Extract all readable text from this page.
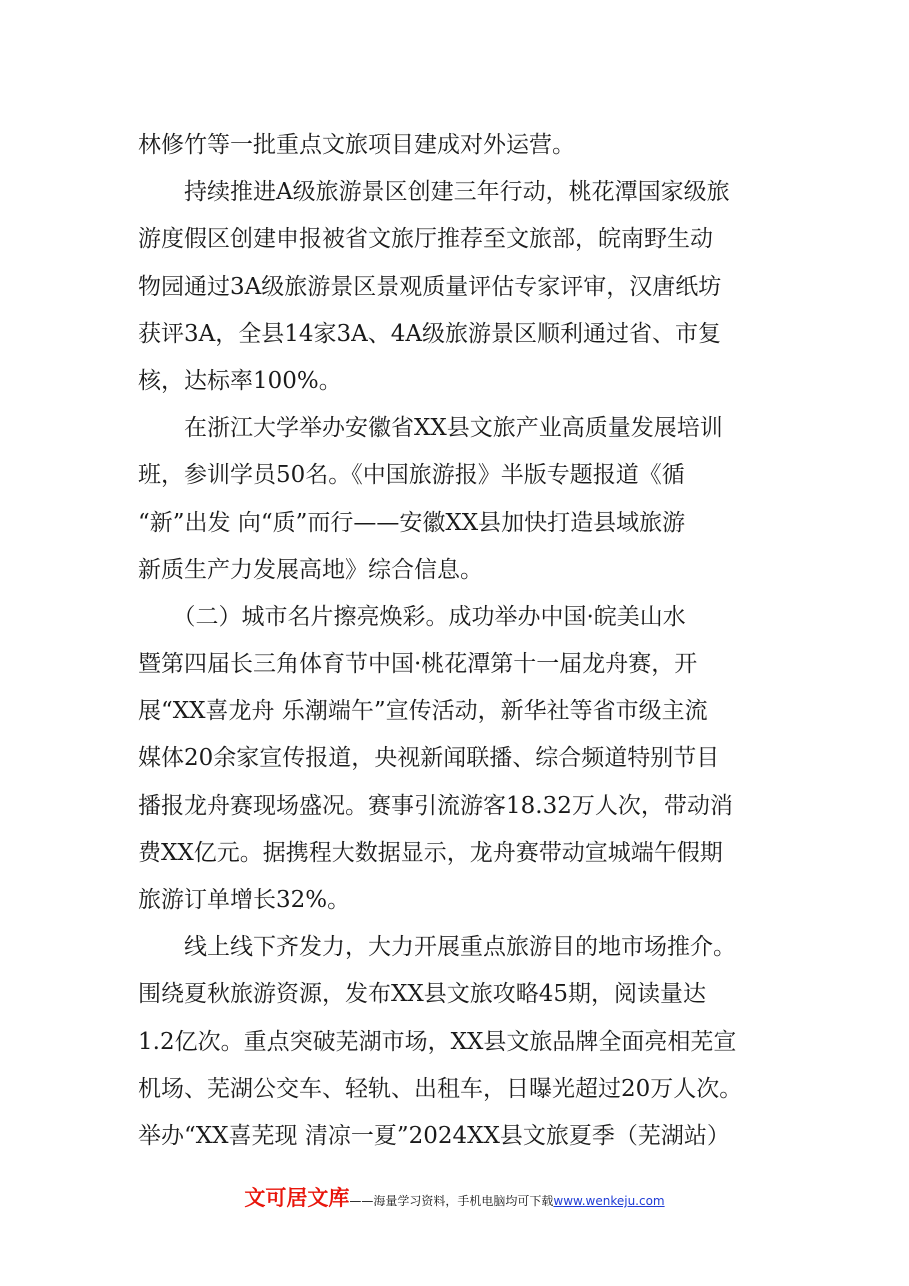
林修竹等一批重点文旅项目建成对外运营。
　　持续推进A级旅游景区创建三年行动，桃花潭国家级旅
游度假区创建申报被省文旅厅推荐至文旅部，皖南野生动
物园通过3A级旅游景区景观质量评估专家评审，汉唐纸坊
获评3A，全县14家3A、4A级旅游景区顺利通过省、市复
核，达标率100%。
　　在浙江大学举办安徽省XX县文旅产业高质量发展培训
班，参训学员50名。《中国旅游报》半版专题报道《循
“新”出发 向“质”而行——安徽XX县加快打造县域旅游
新质生产力发展高地》综合信息。
　　（二）城市名片擦亮焕彩。成功举办中国·皖美山水
暨第四届长三角体育节中国·桃花潭第十一届龙舟赛，开
展“XX喜龙舟 乐潮端午”宣传活动，新华社等省市级主流
媒体20余家宣传报道，央视新闻联播、综合频道特别节目
播报龙舟赛现场盛况。赛事引流游客18.32万人次，带动消
费XX亿元。据携程大数据显示，龙舟赛带动宣城端午假期
旅游订单增长32%。
　　线上线下齐发力，大力开展重点旅游目的地市场推介。
围绕夏秋旅游资源，发布XX县文旅攻略45期，阅读量达
1.2亿次。重点突破芜湖市场，XX县文旅品牌全面亮相芜宣
机场、芜湖公交车、轻轨、出租车，日曝光超过20万人次。
举办“XX喜芜现 清凉一夏”2024XX县文旅夏季（芜湖站）
文可居文库——海量学习资料，手机电脑均可下载www.wenkeju.com
